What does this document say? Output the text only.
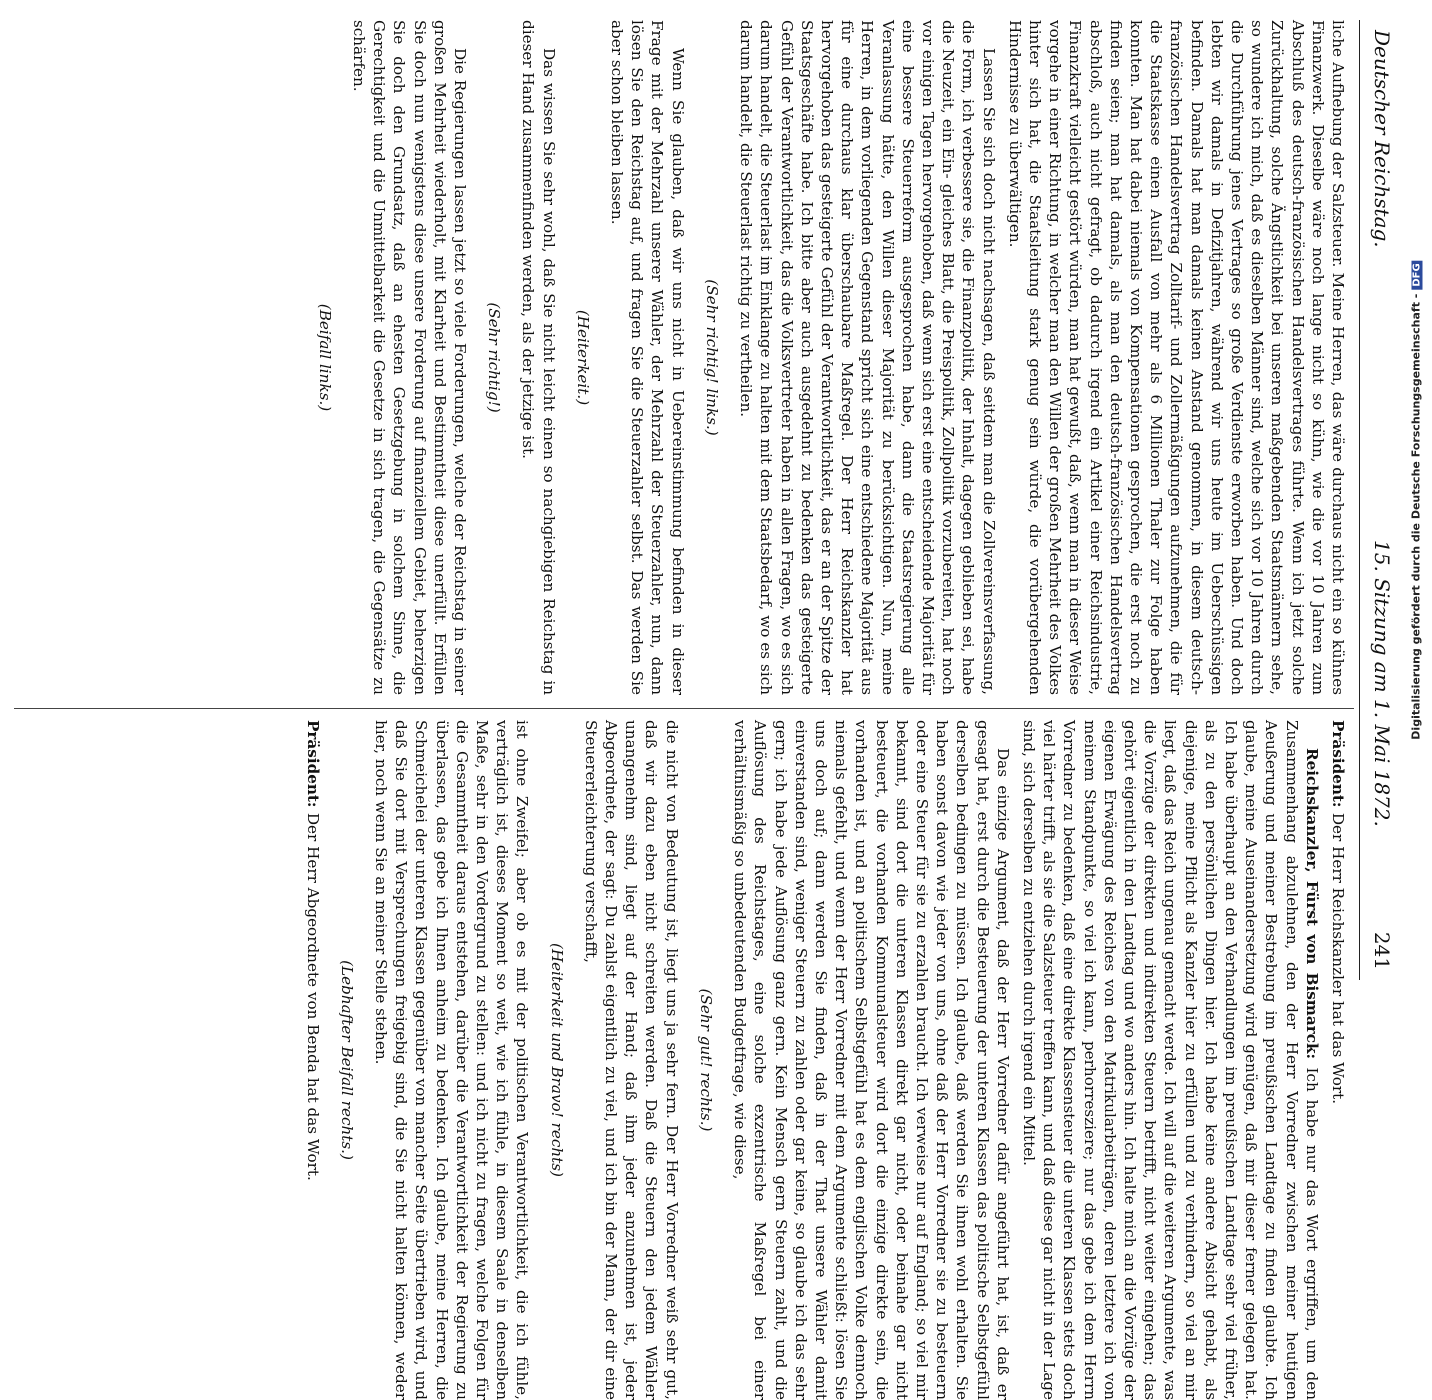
Deutscher Reichstag.
15. Sitzung am 1. Mai 1872.
241

liche Aufhebung der Salzsteuer. Meine Herren, das wäre durchaus nicht ein so kühnes Finanzwerk. Dieselbe wäre noch lange nicht so kühn, wie die vor 10 Jahren zum Abschluß des deutsch-französischen Handelsvertrages führte. Wenn ich jetzt solche Zurückhaltung, solche Ängstlichkeit bei unseren maßgebenden Staatsmännern sehe, so wundere ich mich, daß es dieselben Männer sind, welche sich vor 10 Jahren durch die Durchführung jenes Vertrages so große Verdienste erworben haben. Und doch lebten wir damals in Defizitjahren, während wir uns heute im Ueberschüssigen befinden. Damals hat man damals keinen Anstand genommen, in diesem deutsch-französischen Handelsvertrag Zolltarif- und Zollermäßigungen aufzunehmen, die für die Staatskasse einen Ausfall von mehr als 6 Millionen Thaler zur Folge haben konnten. Man hat dabei niemals von Kompensationen gesprochen, die erst noch zu finden seien; man hat damals, als man den deutsch-französischen Handelsvertrag abschloß, auch nicht gefragt, ob dadurch irgend ein Artikel einer Reichsindustrie, Finanzkraft vielleicht gestört würden, man hat gewußt, daß, wenn man in dieser Weise vorgehe in einer Richtung, in welcher man den Willen der großen Mehrheit des Volkes hinter sich hat, die Staatsleitung stark genug sein würde, die vorübergehenden Hindernisse zu überwältigen.

Lassen Sie sich doch nicht nachsagen, daß seitdem man die Zollvereinsverfassung, die Form, ich verbessere sie, die Finanzpolitik, der Inhalt, dagegen geblieben sei, habe die Neuzeit, ein Ein- gleiches Blatt, die Preispolitik, Zollpolitik vorzubereiten, hat noch vor einigen Tagen hervorgehoben, daß wenn sich erst eine entscheidende Majorität für eine bessere Steuerreform ausgesprochen habe, dann die Staatsregierung alle Veranlassung hätte, den Willen dieser Majorität zu berücksichtigen. Nun, meine Herren, in dem vorliegenden Gegenstand spricht sich eine entschiedene Majorität aus für eine durchaus klar überschaubare Maßregel. Der Herr Reichskanzler hat hervorgehoben das gesteigerte Gefühl der Verantwortlichkeit, das er an der Spitze der Staatsgeschäfte habe. Ich bitte aber auch ausgedehnt zu bedenken das gesteigerte Gefühl der Verantwortlichkeit, das die Volksvertreter haben in allen Fragen, wo es sich darum handelt, die Steuerlast im Einklange zu halten mit dem Staatsbedarf, wo es sich darum handelt, die Steuerlast richtig zu vertheilen.

(Sehr richtig! links.)

Wenn Sie glauben, daß wir uns nicht in Uebereinstimmung befinden in dieser Frage mit der Mehrzahl unserer Wähler, der Mehrzahl der Steuerzahler, nun, dann lösen Sie den Reichstag auf, und fragen Sie die Steuerzahler selbst. Das werden Sie aber schon bleiben lassen.

(Heiterkeit.)

Das wissen Sie sehr wohl, daß Sie nicht leicht einen so nachgiebigen Reichstag in dieser Hand zusammenfinden werden, als der jetzige ist.

(Sehr richtig!)

Die Regierungen lassen jetzt so viele Forderungen, welche der Reichstag in seiner großen Mehrheit wiederholt, mit Klarheit und Bestimmtheit diese unerfüllt. Erfüllen Sie doch nun wenigstens diese unsere Forderung auf finanziellem Gebiet, beherzigen Sie doch den Grundsatz, daß an ehesten Gesetzgebung in solchem Sinne, die Gerechtigkeit und die Unmittelbarkeit die Gesetze in sich tragen, die Gegensätze zu schärfen.

(Beifall links.)

Präsident: Der Herr Reichskanzler hat das Wort.

Reichskanzler, Fürst von Bismarck: Ich habe nur das Wort ergriffen, um den Zusammenhang abzulehnen, den der Herr Vorredner zwischen meiner heutigen Aeußerung und meiner Bestrebung im preußischen Landtage zu finden glaubte. Ich glaube, meine Auseinandersetzung wird genügen, daß mir dieser ferner gelegen hat. Ich habe überhaupt an den Verhandlungen im preußischen Landtage sehr viel früher, als zu den persönlichen Dingen hier. Ich habe keine andere Absicht gehabt, als diejenige, meine Pflicht als Kanzler hier zu erfüllen und zu verhindern, so viel an mir liegt, daß das Reich ungenau gemacht werde. Ich will auf die weiteren Argumente, was die Vorzüge der direkten und indirekten Steuern betrifft, nicht weiter eingehen; das gehört eigentlich in den Landtag und wo anders hin. Ich halte mich an die Vorzüge der eigenen Erwägung des Reiches von den Matrikularbeiträgen, deren letztere ich von meinem Standpunkte, so viel ich kann, perhorresziere; nur das gebe ich dem Herrn Vorredner zu bedenken, daß eine direkte Klassensteuer die unteren Klassen stets doch viel härter trifft, als sie die Salzsteuer treffen kann, und daß diese gar nicht in der Lage sind, sich derselben zu entziehen durch irgend ein Mittel.

Das einzige Argument, daß der Herr Vorredner dafür angeführt hat, ist, daß er gesagt hat, erst durch die Besteuerung der unteren Klassen das politische Selbstgefühl derselben bedingen zu müssen. Ich glaube, daß werden Sie ihnen wohl erhalten. Sie haben sonst davon wie jeder von uns, ohne daß der Herr Vorredner sie zu besteuern oder eine Steuer für sie zu erzahlen braucht. Ich verweise nur auf England; so viel mir bekannt, sind dort die unteren Klassen direkt gar nicht, oder beinahe gar nicht besteuert, die vorhanden Kommunalsteuer wird dort die einzige direkte sein, die vorhanden ist, und an politischem Selbstgefühl hat es dem englischen Volke dennoch niemals gefehlt, und wenn der Herr Vorredner mit dem Argumente schließt: lösen Sie uns doch auf; dann werden Sie finden, daß in der That unsere Wähler damit einverstanden sind, weniger Steuern zu zahlen oder gar keine, so glaube ich das sehr gern; ich habe jede Auflösung ganz gern. Kein Mensch gern Steuern zahlt, und die Auflösung des Reichstages, eine solche exzentrische Maßregel bei einer verhältnismäßig so unbedeutenden Budgetfrage, wie diese,

(Sehr gut! rechts.)

die nicht von Bedeutung ist, liegt uns ja sehr fern. Der Herr Vorredner weiß sehr gut, daß wir dazu eben nicht schreiten werden. Daß die Steuern den jedem Wähler unangenehm sind, liegt auf der Hand; daß ihm jeder anzunehmen ist, jeder Abgeordnete, der sagt: Du zahlst eigentlich zu viel, und ich bin der Mann, der dir eine Steuererleichterung verschafft,

(Heiterkeit und Bravo! rechts)

ist ohne Zweifel; aber ob es mit der politischen Verantwortlichkeit, die ich fühle, verträglich ist, dieses Moment so weit, wie ich fühle, in diesem Saale in denselben Maße, sehr in den Vordergrund zu stellen: und ich nicht zu fragen, welche Folgen für die Gesammtheit daraus entstehen, darüber die Verantwortlichkeit der Regierung zu überlassen, das gebe ich Ihnen anheim zu bedenken. Ich glaube, meine Herren, die Schmeichelei der unteren Klassen gegenüber von mancher Seite übertrieben wird, und daß Sie dort mit Versprechungen freigebig sind, die Sie nicht halten können, weder hier, noch wenn Sie an meiner Stelle stehen.

(Lebhafter Beifall rechts.)

Präsident: Der Herr Abgeordnete von Benda hat das Wort.

Digitalisierung gefördert durch die Deutsche Forschungsgemeinschaft -DFG
